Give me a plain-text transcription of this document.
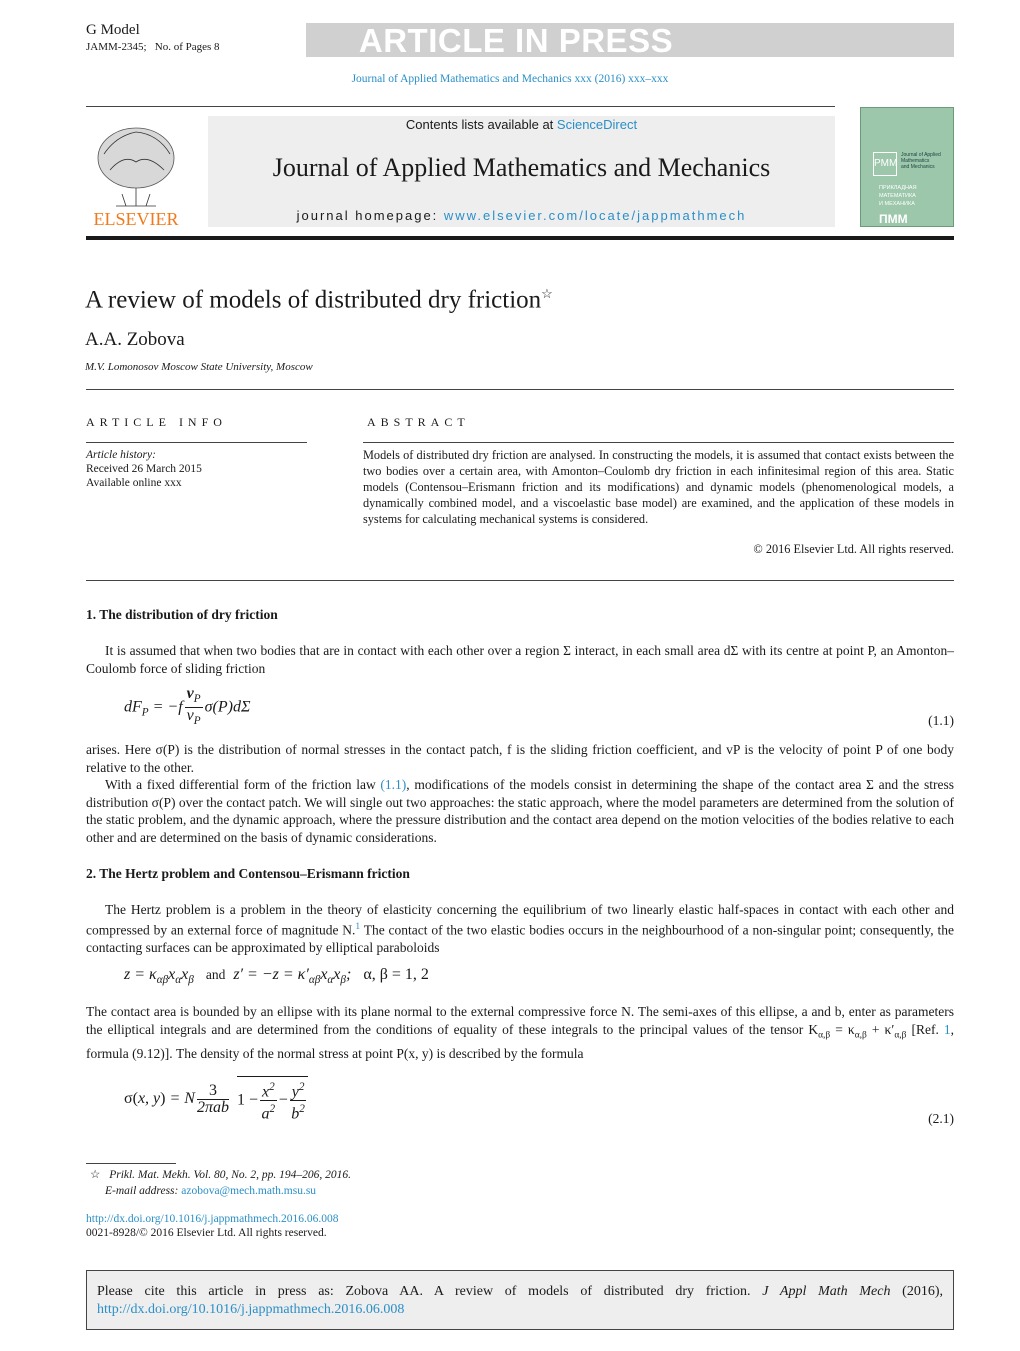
G Model
JAMM-2345; No. of Pages 8	ARTICLE IN PRESS
Journal of Applied Mathematics and Mechanics xxx (2016) xxx–xxx
ELSEVIER
Contents lists available at ScienceDirect
Journal of Applied Mathematics and Mechanics
journal homepage: www.elsevier.com/locate/jappmathmech
PMM
Journal of Applied
Mathematics
and Mechanics
ПРИКЛАДНАЯ
МАТЕМАТИКА
И МЕХАНИКА
ПММ
A review of models of distributed dry friction☆
A.A. Zobova
M.V. Lomonosov Moscow State University, Moscow
ARTICLE INFO	ABSTRACT
Article history:
Received 26 March 2015
Available online xxx
Models of distributed dry friction are analysed. In constructing the models, it is assumed that contact exists between the two bodies over a certain area, with Amonton–Coulomb dry friction in each infinitesimal region of this area. Static models (Contensou–Erismann friction and its modifications) and dynamic models (phenomenological models, a dynamically combined model, and a viscoelastic base model) are examined, and the application of these models in systems for calculating mechanical systems is considered.
© 2016 Elsevier Ltd. All rights reserved.
1. The distribution of dry friction
It is assumed that when two bodies that are in contact with each other over a region Σ interact, in each small area dΣ with its centre at point P, an Amonton–Coulomb force of sliding friction
$dF_P = -f \frac{v_P}{v_P} \sigma(P)d\Sigma$
(1.1)
arises. Here σ(P) is the distribution of normal stresses in the contact patch, f is the sliding friction coefficient, and vP is the velocity of point P of one body relative to the other.
With a fixed differential form of the friction law (1.1), modifications of the models consist in determining the shape of the contact area Σ and the stress distribution σ(P) over the contact patch. We will single out two approaches: the static approach, where the model parameters are determined from the solution of the static problem, and the dynamic approach, where the pressure distribution and the contact area depend on the motion velocities of the bodies relative to each other and are determined on the basis of dynamic considerations.
2. The Hertz problem and Contensou–Erismann friction
The Hertz problem is a problem in the theory of elasticity concerning the equilibrium of two linearly elastic half-spaces in contact with each other and compressed by an external force of magnitude N.$^1$ The contact of the two elastic bodies occurs in the neighbourhood of a non-singular point; consequently, the contacting surfaces can be approximated by elliptical paraboloids
$z = \kappa_{\alpha\beta}x_\alpha x_\beta$ and  $z' = -z = \kappa'_{\alpha\beta}x_\alpha x_\beta$;   α, β = 1, 2
The contact area is bounded by an ellipse with its plane normal to the external compressive force N. The semi-axes of this ellipse, a and b, enter as parameters the elliptical integrals and are determined from the conditions of equality of these integrals to the principal values of the tensor $K_{\alpha,\beta} = \kappa_{\alpha,\beta} + \kappa'_{\alpha,\beta}$ [Ref. 1, formula (9.12)]. The density of the normal stress at point P(x, y) is described by the formula
σ(x, y) = N $\frac{3}{\text{2πab}} 1 - \frac{x^2}{a^2} - \frac{y^2}{b^2}$	(2.1)
☆ Prikl. Mat. Mekh. Vol. 80, No. 2, pp. 194–206, 2016.
E-mail address: azobova@mech.math.msu.su
http://dx.doi.org/10.1016/j.jappmathmech.2016.06.008
0021-8928/© 2016 Elsevier Ltd. All rights reserved.
Please cite this article in press as: Zobova AA. A review of models of distributed dry friction. J Appl Math Mech (2016), http://dx.doi.org/10.1016/j.jappmathmech.2016.06.008
